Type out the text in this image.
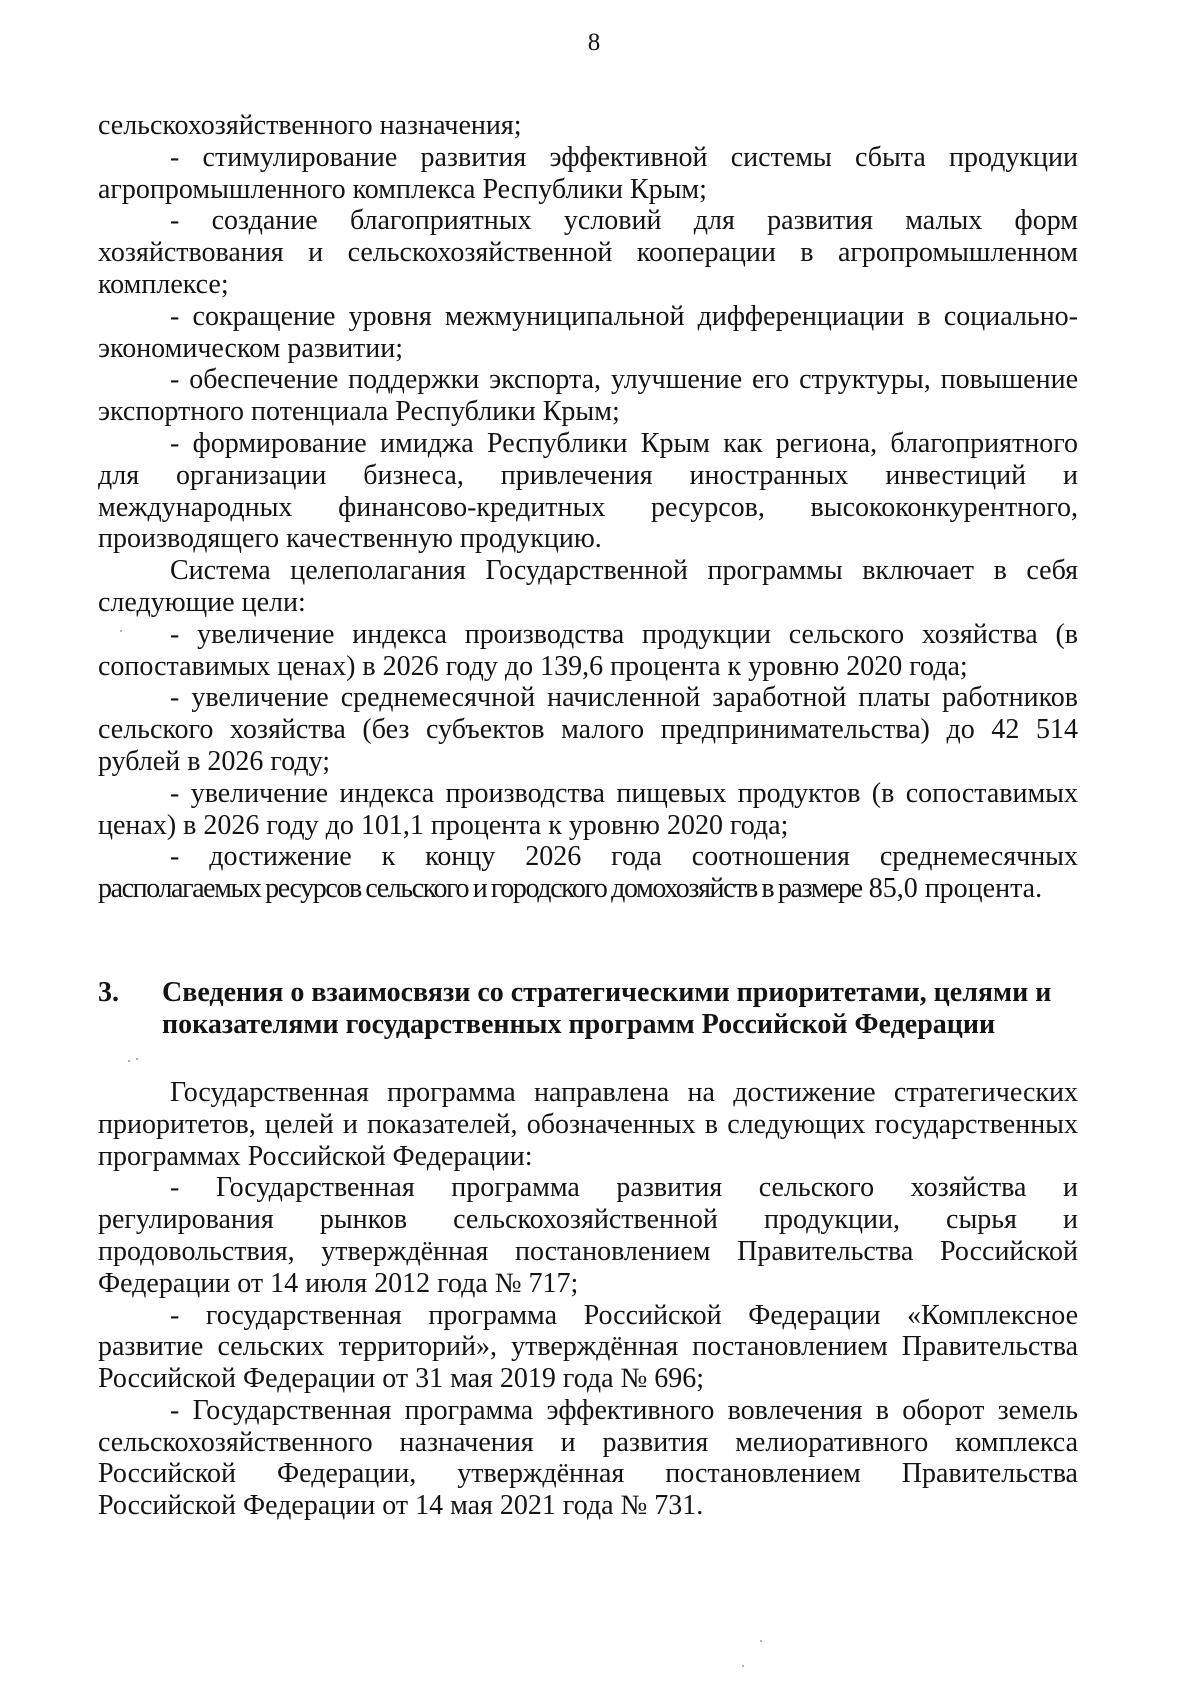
8

сельскохозяйственного назначения;

- стимулирование развития эффективной системы сбыта продукции агропромышленного комплекса Республики Крым;

- создание благоприятных условий для развития малых форм хозяйствования и сельскохозяйственной кооперации в агропромышленном комплексе;

- сокращение уровня межмуниципальной дифференциации в социально-экономическом развитии;

- обеспечение поддержки экспорта, улучшение его структуры, повышение экспортного потенциала Республики Крым;

- формирование имиджа Республики Крым как региона, благоприятного для организации бизнеса, привлечения иностранных инвестиций и международных финансово-кредитных ресурсов, высококонкурентного, производящего качественную продукцию.

Система целеполагания Государственной программы включает в себя следующие цели:

- увеличение индекса производства продукции сельского хозяйства (в сопоставимых ценах) в 2026 году до 139,6 процента к уровню 2020 года;

- увеличение среднемесячной начисленной заработной платы работников сельского хозяйства (без субъектов малого предпринимательства) до 42 514 рублей в 2026 году;

- увеличение индекса производства пищевых продуктов (в сопоставимых ценах) в 2026 году до 101,1 процента к уровню 2020 года;

- достижение к концу 2026 года соотношения среднемесячных располагаемых ресурсов сельского и городского домохозяйств в размере 85,0 процента.

3.	Сведения о взаимосвязи со стратегическими приоритетами, целями и показателями государственных программ Российской Федерации

Государственная программа направлена на достижение стратегических приоритетов, целей и показателей, обозначенных в следующих государственных программах Российской Федерации:

- Государственная программа развития сельского хозяйства и регулирования рынков сельскохозяйственной продукции, сырья и продовольствия, утверждённая постановлением Правительства Российской Федерации от 14 июля 2012 года № 717;

- государственная программа Российской Федерации «Комплексное развитие сельских территорий», утверждённая постановлением Правительства Российской Федерации от 31 мая 2019 года № 696;

- Государственная программа эффективного вовлечения в оборот земель сельскохозяйственного назначения и развития мелиоративного комплекса Российской Федерации, утверждённая постановлением Правительства Российской Федерации от 14 мая 2021 года № 731.
